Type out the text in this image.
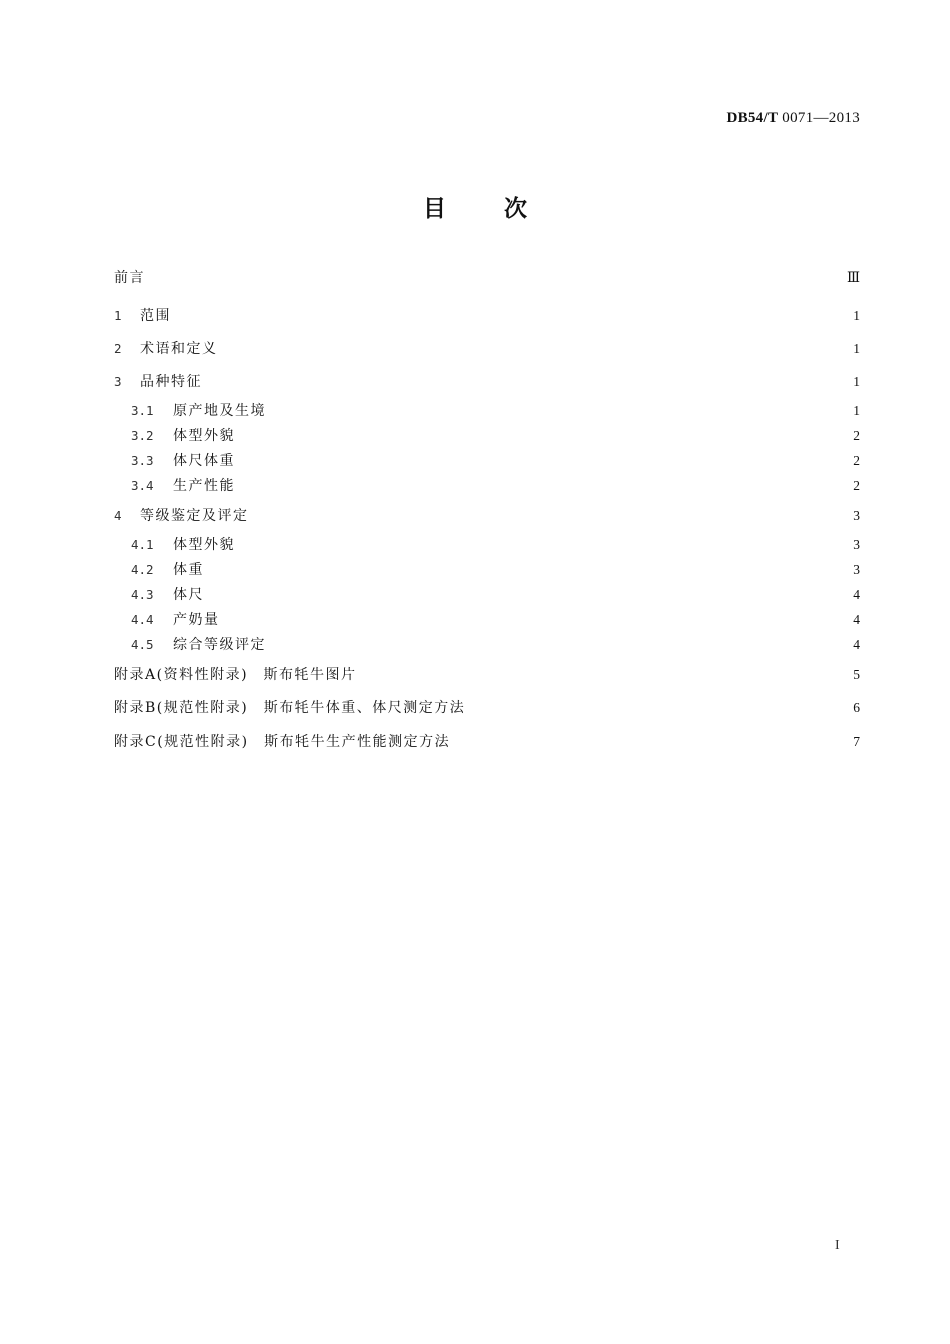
DB54/T 0071—2013
目次
前言	Ⅲ
1	范围	1
2	术语和定义	1
3	品种特征	1
3.1	原产地及生境	1
3.2	体型外貌	2
3.3	体尺体重	2
3.4	生产性能	2
4	等级鉴定及评定	3
4.1	体型外貌	3
4.2	体重	3
4.3	体尺	4
4.4	产奶量	4
4.5	综合等级评定	4
附录A(资料性附录)　斯布牦牛图片	5
附录B(规范性附录)　斯布牦牛体重、体尺测定方法	6
附录C(规范性附录)　斯布牦牛生产性能测定方法	7
I
